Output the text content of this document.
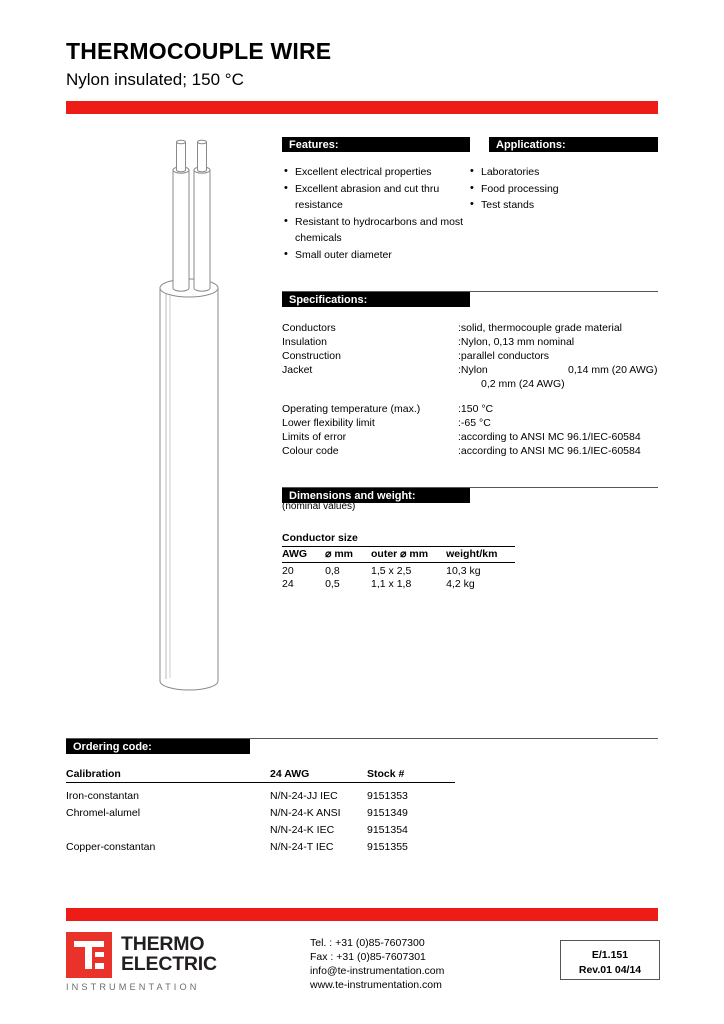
THERMOCOUPLE WIRE
Nylon insulated; 150 °C
Features:
• Excellent electrical properties
• Excellent abrasion and cut thru
resistance
• Resistant to hydrocarbons and most
chemicals
• Small outer diameter
Applications:
• Laboratories
• Food processing
• Test stands
Specifications:
Conductors	:solid, thermocouple grade material
Insulation	:Nylon, 0,13 mm nominal
Construction	:parallel conductors
Jacket	:Nylon	0,14 mm (20 AWG)
0,2 mm (24 AWG)
Operating temperature (max.)	:150 °C
Lower flexibility limit	:-65 °C
Limits of error	:according to ANSI MC 96.1/IEC-60584
Colour code	:according to ANSI MC 96.1/IEC-60584
Dimensions and weight:
(nominal values)
Conductor size
AWG	⌀ mm	outer ⌀ mm	weight/km
20	0,8	1,5 x 2,5	10,3 kg
24	0,5	1,1 x 1,8	4,2 kg
Ordering code:
Calibration	24 AWG	Stock #
Iron-constantan	N/N-24-JJ IEC	9151353
Chromel-alumel	N/N-24-K ANSI	9151349
	N/N-24-K IEC	9151354
Copper-constantan	N/N-24-T IEC	9151355
THERMO
ELECTRIC
INSTRUMENTATION
Tel. : +31 (0)85-7607300
Fax : +31 (0)85-7607301
info@te-instrumentation.com
www.te-instrumentation.com
E/1.151
Rev.01 04/14
